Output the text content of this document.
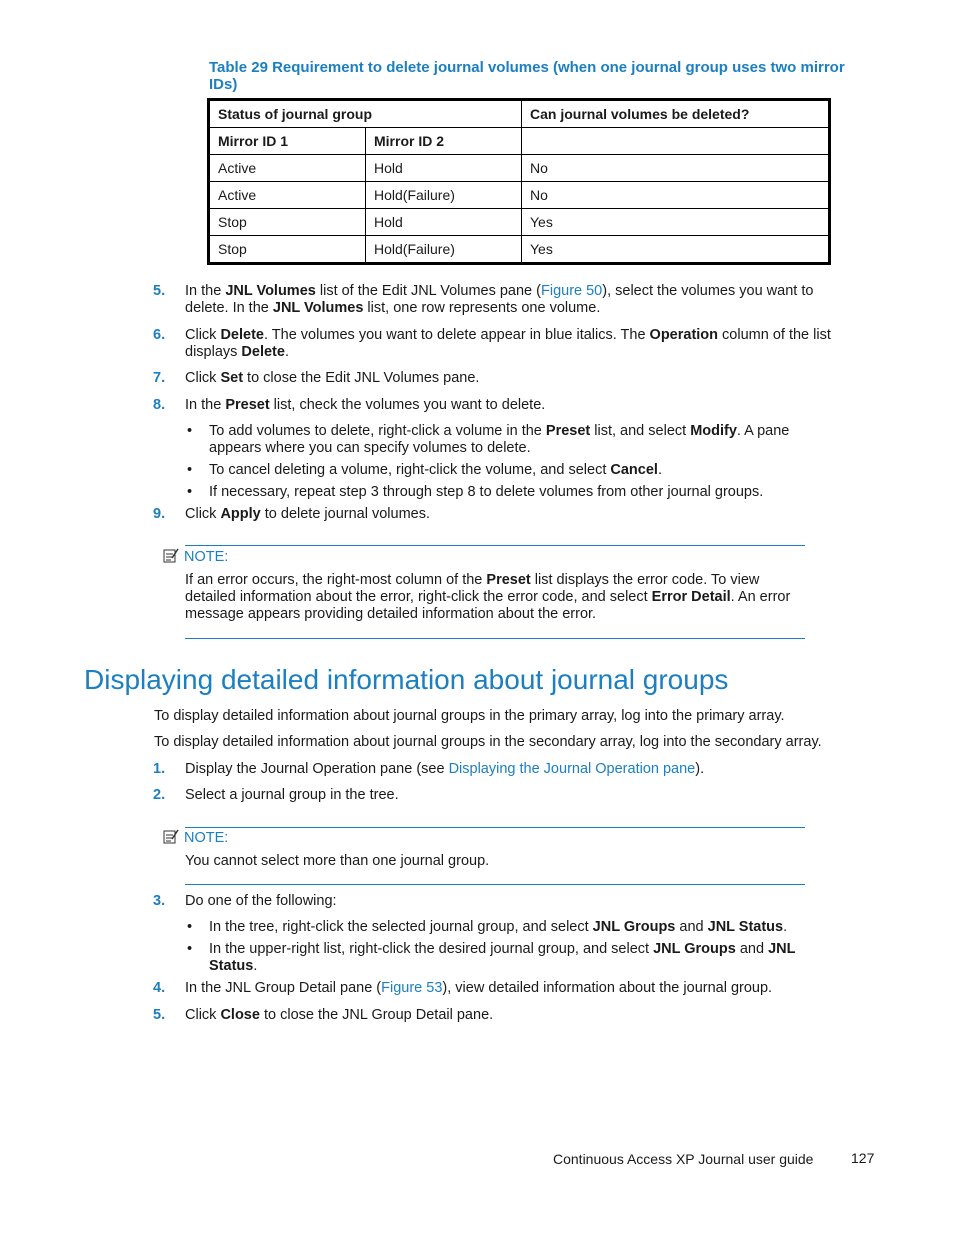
Table 29 Requirement to delete journal volumes (when one journal group uses two mirror IDs)
Status of journal group		Can journal volumes be deleted?
Mirror ID 1	Mirror ID 2	
Active	Hold	No
Active	Hold(Failure)	No
Stop	Hold	Yes
Stop	Hold(Failure)	Yes
5. In the JNL Volumes list of the Edit JNL Volumes pane (Figure 50), select the volumes you want to delete. In the JNL Volumes list, one row represents one volume.
6. Click Delete. The volumes you want to delete appear in blue italics. The Operation column of the list displays Delete.
7. Click Set to close the Edit JNL Volumes pane.
8. In the Preset list, check the volumes you want to delete.
• To add volumes to delete, right-click a volume in the Preset list, and select Modify. A pane appears where you can specify volumes to delete.
• To cancel deleting a volume, right-click the volume, and select Cancel.
• If necessary, repeat step 3 through step 8 to delete volumes from other journal groups.
9. Click Apply to delete journal volumes.
NOTE:
If an error occurs, the right-most column of the Preset list displays the error code. To view detailed information about the error, right-click the error code, and select Error Detail. An error message appears providing detailed information about the error.
Displaying detailed information about journal groups
To display detailed information about journal groups in the primary array, log into the primary array.
To display detailed information about journal groups in the secondary array, log into the secondary array.
1. Display the Journal Operation pane (see Displaying the Journal Operation pane).
2. Select a journal group in the tree.
NOTE:
You cannot select more than one journal group.
3. Do one of the following:
• In the tree, right-click the selected journal group, and select JNL Groups and JNL Status.
• In the upper-right list, right-click the desired journal group, and select JNL Groups and JNL Status.
4. In the JNL Group Detail pane (Figure 53), view detailed information about the journal group.
5. Click Close to close the JNL Group Detail pane.
Continuous Access XP Journal user guide	127
